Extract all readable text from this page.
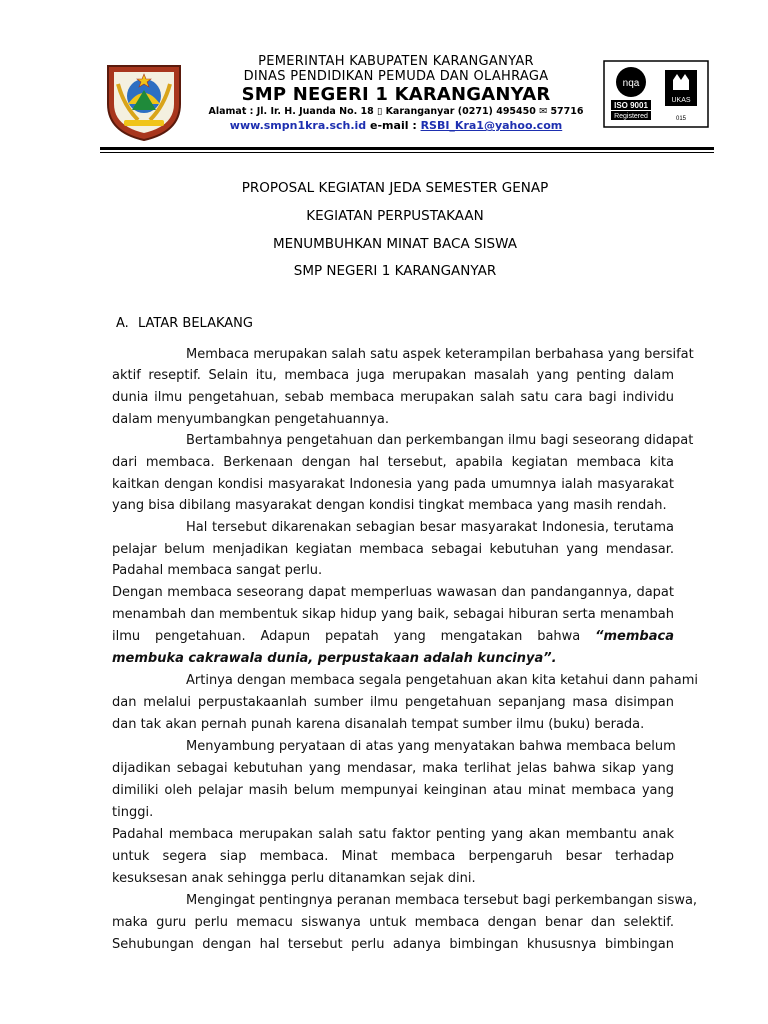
PEMERINTAH KABUPATEN KARANGANYAR
DINAS PENDIDIKAN PEMUDA DAN OLAHRAGA
SMP NEGERI 1 KARANGANYAR
Alamat : Jl. Ir. H. Juanda No. 18 ▯ Karanganyar (0271) 495450 ✉ 57716
www.smpn1kra.sch.id e-mail : RSBI_Kra1@yahoo.com
nqa
ISO 9001
Registered
UKAS
015
PROPOSAL KEGIATAN JEDA SEMESTER GENAP
KEGIATAN PERPUSTAKAAN
MENUMBUHKAN MINAT BACA SISWA
SMP NEGERI 1 KARANGANYAR
A. LATAR BELAKANG
Membaca merupakan salah satu aspek keterampilan berbahasa yang bersifat
aktif reseptif. Selain itu, membaca juga merupakan masalah yang penting dalam
dunia ilmu pengetahuan, sebab membaca merupakan salah satu cara bagi individu
dalam menyumbangkan pengetahuannya.
Bertambahnya pengetahuan dan perkembangan ilmu bagi seseorang didapat
dari membaca. Berkenaan dengan hal tersebut, apabila kegiatan membaca kita
kaitkan dengan kondisi masyarakat Indonesia yang pada umumnya ialah masyarakat
yang bisa dibilang masyarakat dengan kondisi tingkat membaca yang masih rendah.
Hal tersebut dikarenakan sebagian besar masyarakat Indonesia, terutama
pelajar belum menjadikan kegiatan membaca sebagai kebutuhan yang mendasar.
Padahal membaca sangat perlu.
Dengan membaca seseorang dapat memperluas wawasan dan pandangannya, dapat
menambah dan membentuk sikap hidup yang baik, sebagai hiburan serta menambah
ilmu pengetahuan. Adapun pepatah yang mengatakan bahwa “membaca
membuka cakrawala dunia, perpustakaan adalah kuncinya”.
Artinya dengan membaca segala pengetahuan akan kita ketahui dann pahami
dan melalui perpustakaanlah sumber ilmu pengetahuan sepanjang masa disimpan
dan tak akan pernah punah karena disanalah tempat sumber ilmu (buku) berada.
Menyambung peryataan di atas yang menyatakan bahwa membaca belum
dijadikan sebagai kebutuhan yang mendasar, maka terlihat jelas bahwa sikap yang
dimiliki oleh pelajar masih belum mempunyai keinginan atau minat membaca yang
tinggi.
Padahal membaca merupakan salah satu faktor penting yang akan membantu anak
untuk segera siap membaca. Minat membaca berpengaruh besar terhadap
kesuksesan anak sehingga perlu ditanamkan sejak dini.
Mengingat pentingnya peranan membaca tersebut bagi perkembangan siswa,
maka guru perlu memacu siswanya untuk membaca dengan benar dan selektif.
Sehubungan dengan hal tersebut perlu adanya bimbingan khususnya bimbingan
